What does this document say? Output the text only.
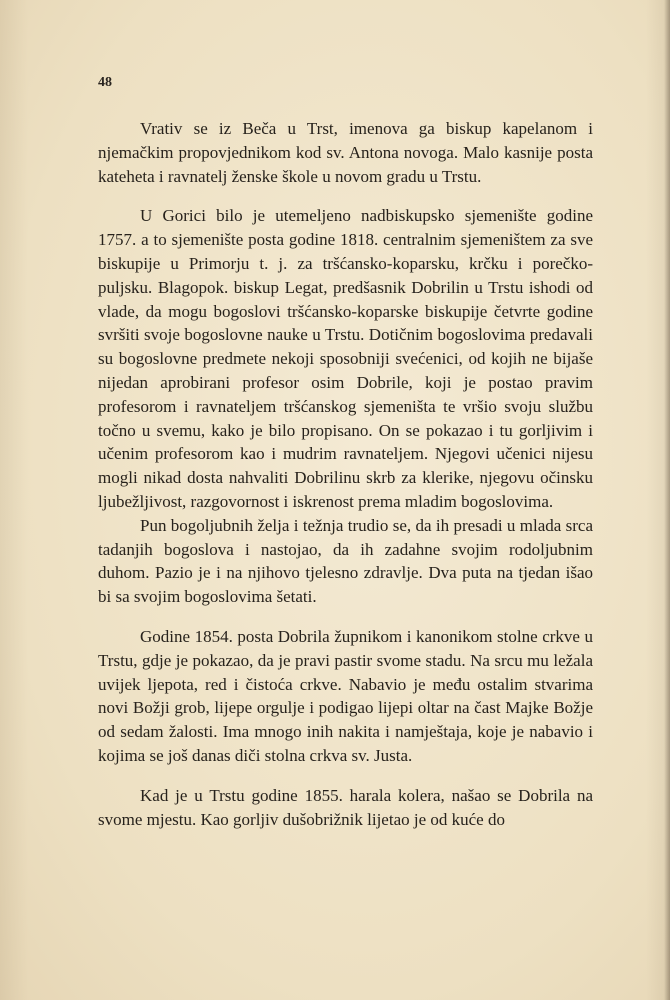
48

Vrativ se iz Beča u Trst, imenova ga biskup kapelanom i njemačkim propovjednikom kod sv. Antona novoga. Malo kasnije posta kateheta i ravnatelj ženske škole u novom gradu u Trstu.

U Gorici bilo je utemeljeno nadbiskupsko sjemenište godine 1757. a to sjemenište posta godine 1818. centralnim sjemeništem za sve biskupije u Primorju t. j. za tršćansko-koparsku, krčku i porečko-puljsku. Blagopok. biskup Legat, predšasnik Dobrilin u Trstu ishodi od vlade, da mogu bogoslovi tršćansko-koparske biskupije četvrte godine svršiti svoje bogoslovne nauke u Trstu. Dotičnim bogoslovima predavali su bogoslovne predmete nekoji sposobniji svećenici, od kojih ne bijaše nijedan aprobirani profesor osim Dobrile, koji je postao pravim profesorom i ravnateljem tršćanskog sjemeništa te vršio svoju službu točno u svemu, kako je bilo propisano. On se pokazao i tu gorljivim i učenim profesorom kao i mudrim ravnateljem. Njegovi učenici nijesu mogli nikad dosta nahvaliti Dobrilinu skrb za klerike, njegovu očinsku ljubežljivost, razgovornost i iskrenost prema mladim bogoslovima.

Pun bogoljubnih želja i težnja trudio se, da ih presadi u mlada srca tadanjih bogoslova i nastojao, da ih zadahne svojim rodoljubnim duhom. Pazio je i na njihovo tjelesno zdravlje. Dva puta na tjedan išao bi sa svojim bogoslovima šetati.

Godine 1854. posta Dobrila župnikom i kanonikom stolne crkve u Trstu, gdje je pokazao, da je pravi pastir svome stadu. Na srcu mu ležala uvijek ljepota, red i čistoća crkve. Nabavio je među ostalim stvarima novi Božji grob, lijepe orgulje i podigao lijepi oltar na čast Majke Božje od sedam žalosti. Ima mnogo inih nakita i namještaja, koje je nabavio i kojima se još danas diči stolna crkva sv. Justa.

Kad je u Trstu godine 1855. harala kolera, našao se Dobrila na svome mjestu. Kao gorljiv dušobrižnik lijetao je od kuće do
